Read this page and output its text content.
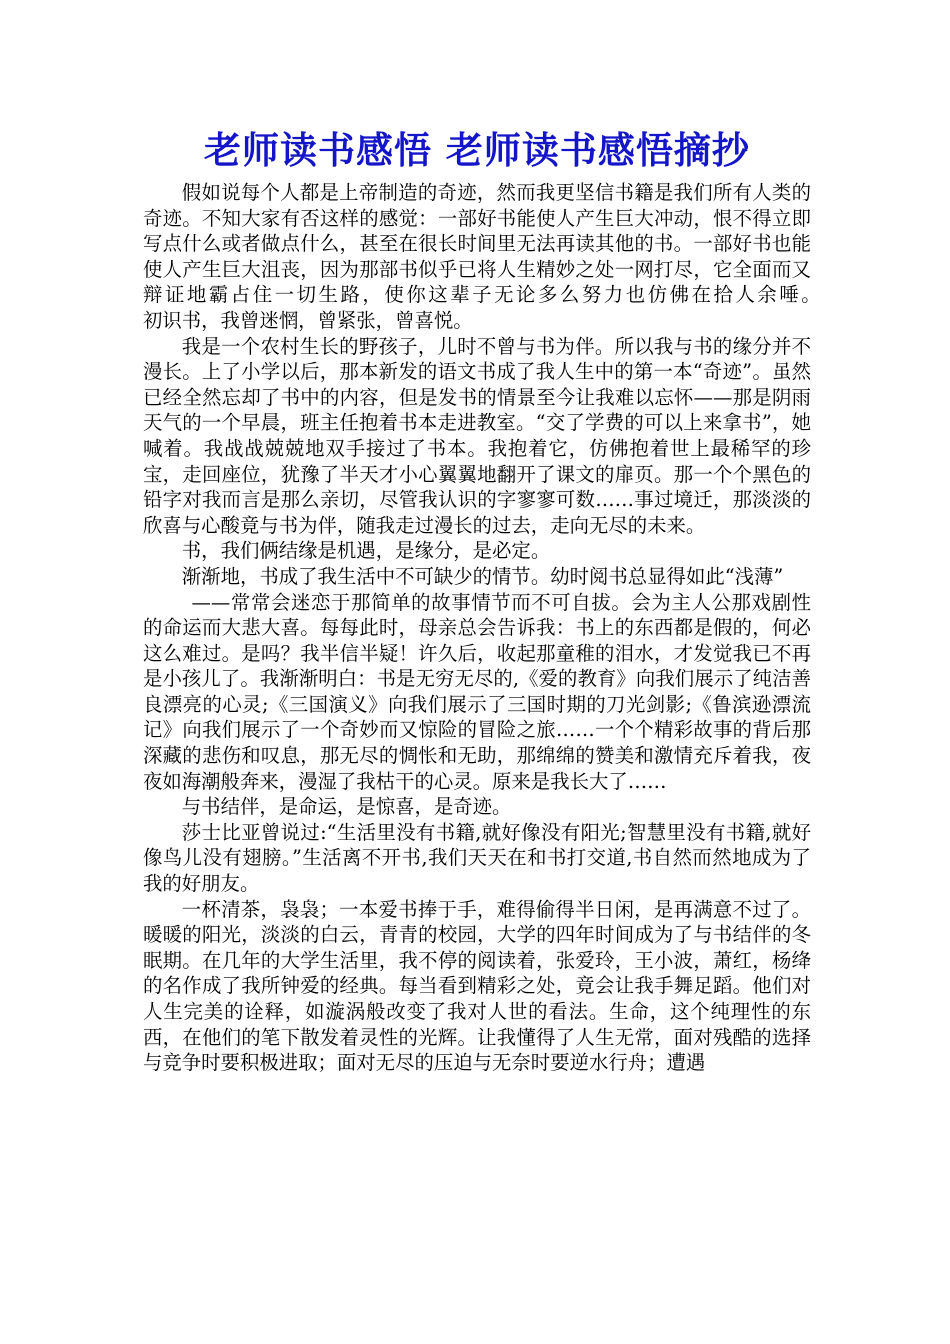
老师读书感悟 老师读书感悟摘抄

假如说每个人都是上帝制造的奇迹，然而我更坚信书籍是我们所有人类的奇迹。不知大家有否这样的感觉：一部好书能使人产生巨大冲动，恨不得立即写点什么或者做点什么，甚至在很长时间里无法再读其他的书。一部好书也能使人产生巨大沮丧，因为那部书似乎已将人生精妙之处一网打尽，它全面而又辩证地霸占住一切生路，使你这辈子无论多么努力也仿佛在拾人余唾。　　　初识书，我曾迷惘，曾紧张，曾喜悦。

我是一个农村生长的野孩子，儿时不曾与书为伴。所以我与书的缘分并不漫长。上了小学以后，那本新发的语文书成了我人生中的第一本“奇迹”。虽然已经全然忘却了书中的内容，但是发书的情景至今让我难以忘怀——那是阴雨天气的一个早晨，班主任抱着书本走进教室。“交了学费的可以上来拿书”，她喊着。我战战兢兢地双手接过了书本。我抱着它，仿佛抱着世上最稀罕的珍宝，走回座位，犹豫了半天才小心翼翼地翻开了课文的扉页。那一个个黑色的铅字对我而言是那么亲切，尽管我认识的字寥寥可数……事过境迁，那淡淡的欣喜与心酸竟与书为伴，随我走过漫长的过去，走向无尽的未来。

书，我们俩结缘是机遇，是缘分，是必定。

渐渐地，书成了我生活中不可缺少的情节。幼时阅书总显得如此“浅薄”

——常常会迷恋于那简单的故事情节而不可自拔。会为主人公那戏剧性的命运而大悲大喜。每每此时，母亲总会告诉我：书上的东西都是假的，何必这么难过。是吗？我半信半疑！许久后，收起那童稚的泪水，才发觉我已不再是小孩儿了。我渐渐明白：书是无穷无尽的,《爱的教育》向我们展示了纯洁善良漂亮的心灵;《三国演义》向我们展示了三国时期的刀光剑影;《鲁滨逊漂流记》向我们展示了一个奇妙而又惊险的冒险之旅……一个个精彩故事的背后那深藏的悲伤和叹息，那无尽的惆怅和无助，那绵绵的赞美和激情充斥着我，夜夜如海潮般奔来，漫湿了我枯干的心灵。原来是我长大了……

与书结伴，是命运，是惊喜，是奇迹。

莎士比亚曾说过:“生活里没有书籍,就好像没有阳光;智慧里没有书籍,就好像鸟儿没有翅膀。”生活离不开书,我们天天在和书打交道,书自然而然地成为了我的好朋友。

一杯清茶，袅袅；一本爱书捧于手，难得偷得半日闲，是再满意不过了。暖暖的阳光，淡淡的白云，青青的校园，大学的四年时间成为了与书结伴的冬眠期。在几年的大学生活里，我不停的阅读着，张爱玲，王小波，萧红，杨绛的名作成了我所钟爱的经典。每当看到精彩之处，竟会让我手舞足蹈。他们对人生完美的诠释，如漩涡般改变了我对人世的看法。生命，这个纯理性的东西，在他们的笔下散发着灵性的光辉。让我懂得了人生无常，面对残酷的选择与竞争时要积极进取；面对无尽的压迫与无奈时要逆水行舟；遭遇
